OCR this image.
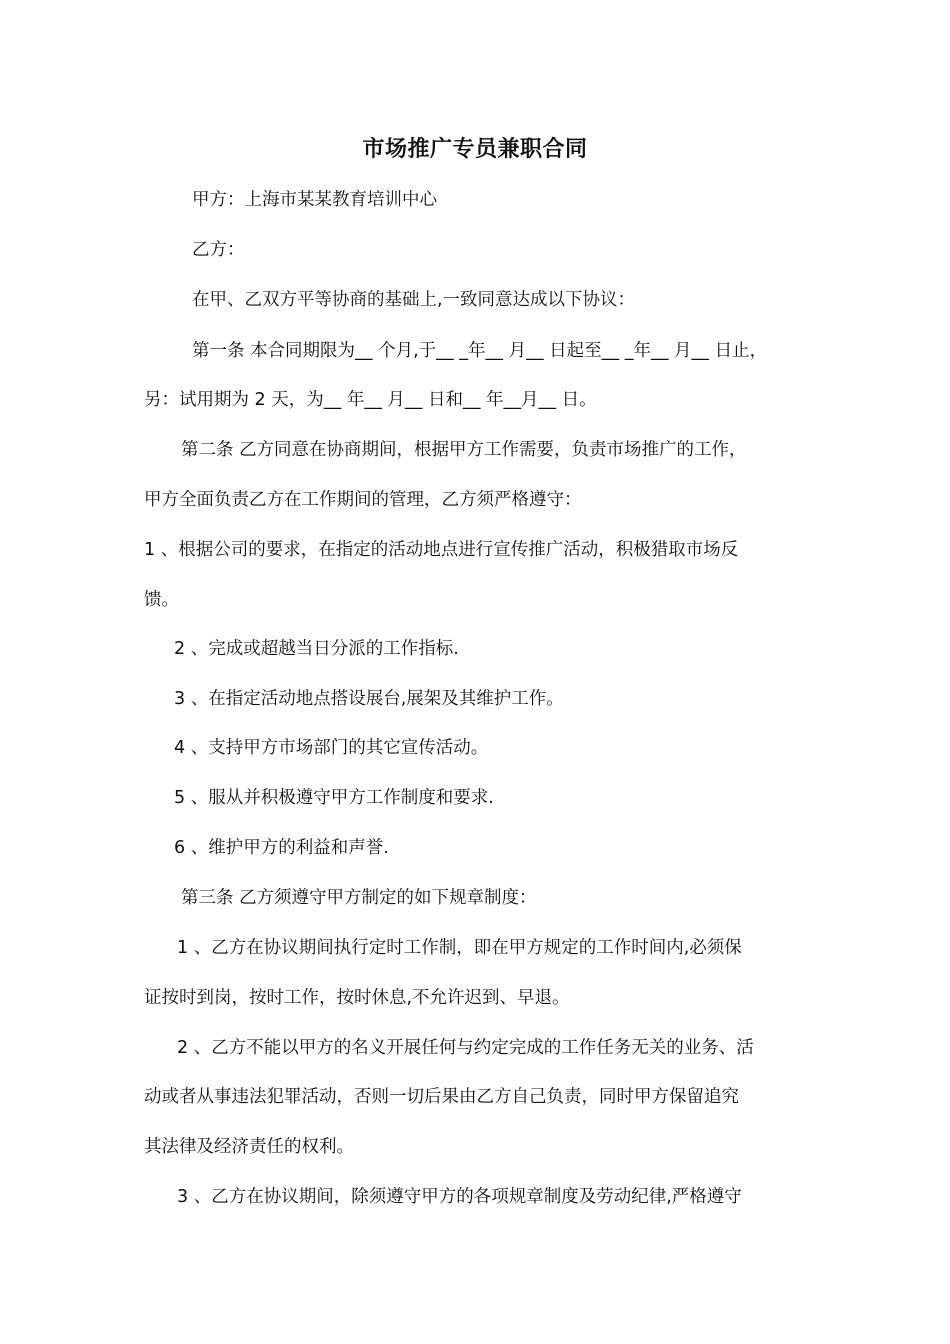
市场推广专员兼职合同
甲方：上海市某某教育培训中心
乙方：
在甲、乙双方平等协商的基础上,一致同意达成以下协议：
第一条 本合同期限为__ 个月,于__ _年__ 月__ 日起至__ _年__ 月__ 日止，
另：试用期为 2 天，为__ 年__ 月__ 日和__ 年__月__ 日。
第二条 乙方同意在协商期间，根据甲方工作需要，负责市场推广的工作，
甲方全面负责乙方在工作期间的管理，乙方须严格遵守：
1 、根据公司的要求，在指定的活动地点进行宣传推广活动，积极猎取市场反
馈。
2 、完成或超越当日分派的工作指标.
3 、在指定活动地点搭设展台,展架及其维护工作。
4 、支持甲方市场部门的其它宣传活动。
5 、服从并积极遵守甲方工作制度和要求.
6 、维护甲方的利益和声誉.
第三条 乙方须遵守甲方制定的如下规章制度：
1 、乙方在协议期间执行定时工作制，即在甲方规定的工作时间内,必须保
证按时到岗，按时工作，按时休息,不允许迟到、早退。
2 、乙方不能以甲方的名义开展任何与约定完成的工作任务无关的业务、活
动或者从事违法犯罪活动，否则一切后果由乙方自己负责，同时甲方保留追究
其法律及经济责任的权利。
3 、乙方在协议期间，除须遵守甲方的各项规章制度及劳动纪律,严格遵守
